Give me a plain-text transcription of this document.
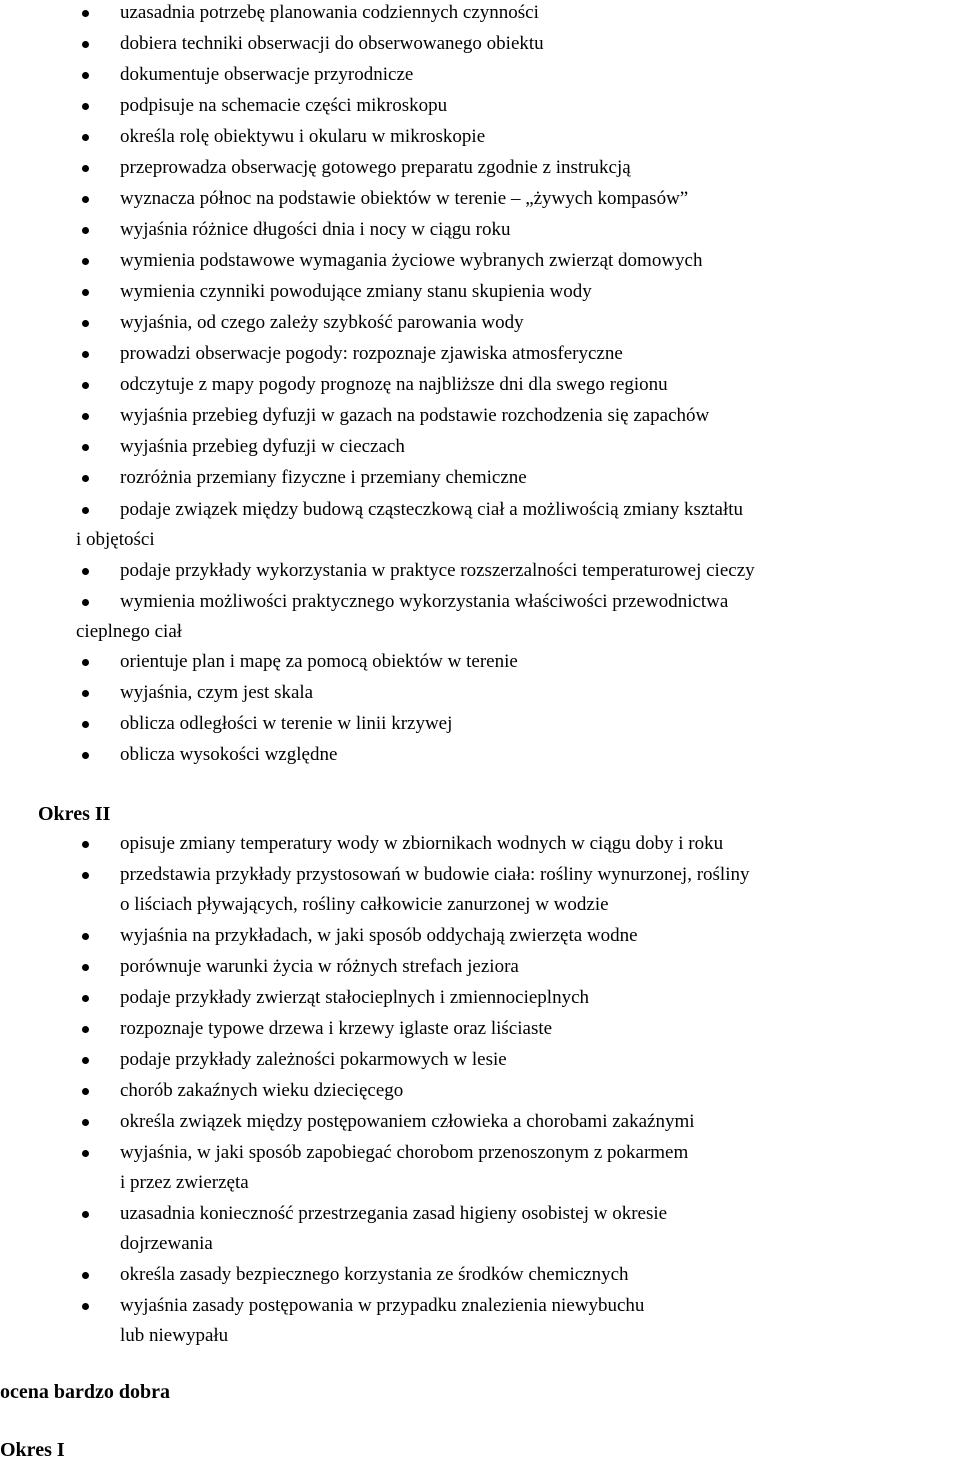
uzasadnia potrzebę planowania codziennych czynności
dobiera techniki obserwacji do obserwowanego obiektu
dokumentuje obserwacje przyrodnicze
podpisuje na schemacie części mikroskopu
określa rolę obiektywu i okularu w mikroskopie
przeprowadza obserwację gotowego preparatu zgodnie z instrukcją
wyznacza północ na podstawie obiektów w terenie – „żywych kompasów”
wyjaśnia różnice długości dnia i nocy w ciągu roku
wymienia podstawowe wymagania życiowe wybranych zwierząt domowych
wymienia czynniki powodujące zmiany stanu skupienia wody
wyjaśnia, od czego zależy szybkość parowania wody
prowadzi obserwacje pogody: rozpoznaje zjawiska atmosferyczne
odczytuje z mapy pogody prognozę na najbliższe dni dla swego regionu
wyjaśnia przebieg dyfuzji w gazach na podstawie rozchodzenia się zapachów
wyjaśnia przebieg dyfuzji w cieczach
rozróżnia przemiany fizyczne i przemiany chemiczne
podaje związek między budową cząsteczkową ciał a możliwością zmiany kształtu
i objętości
podaje przykłady wykorzystania w praktyce rozszerzalności temperaturowej cieczy
wymienia możliwości praktycznego wykorzystania właściwości przewodnictwa
cieplnego ciał
orientuje plan i mapę za pomocą obiektów w terenie
wyjaśnia, czym jest skala
oblicza odległości w terenie w linii krzywej
oblicza wysokości względne
Okres II
opisuje zmiany temperatury wody w zbiornikach wodnych w ciągu doby i roku
przedstawia przykłady przystosowań w budowie ciała: rośliny wynurzonej, rośliny
o liściach pływających, rośliny całkowicie zanurzonej w wodzie
wyjaśnia na przykładach, w jaki sposób oddychają zwierzęta wodne
porównuje warunki życia w różnych strefach jeziora
podaje przykłady zwierząt stałocieplnych i zmiennocieplnych
rozpoznaje typowe drzewa i krzewy iglaste oraz liściaste
podaje przykłady zależności pokarmowych w lesie
chorób zakaźnych wieku dziecięcego
określa związek między postępowaniem człowieka a chorobami zakaźnymi
wyjaśnia, w jaki sposób zapobiegać chorobom przenoszonym z pokarmem
i przez zwierzęta
uzasadnia konieczność przestrzegania zasad higieny osobistej w okresie
dojrzewania
określa zasady bezpiecznego korzystania ze środków chemicznych
wyjaśnia zasady postępowania w przypadku znalezienia niewybuchu
lub niewypału
ocena bardzo dobra
Okres I
